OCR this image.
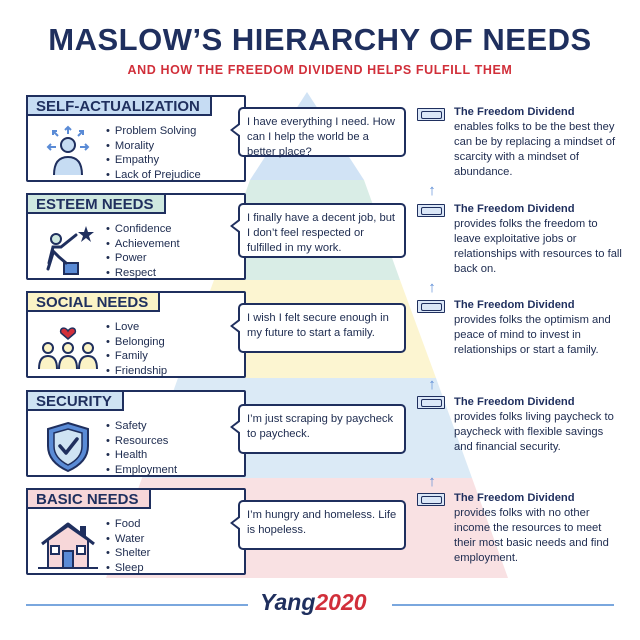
MASLOW’S HIERARCHY OF NEEDS
AND HOW THE FREEDOM DIVIDEND HELPS FULFILL THEM
SELF-ACTUALIZATION
• Problem Solving
• Morality
• Empathy
• Lack of Prejudice
I have everything I need. How can I help the world be a better place?
The Freedom Dividend
enables folks to be the best they can be by replacing a mindset of scarcity with a mindset of abundance.
↑
ESTEEM NEEDS
• Confidence
• Achievement
• Power
• Respect
I finally have a decent job, but I don’t feel respected or fulfilled in my work.
The Freedom Dividend
provides folks the freedom to leave exploitative jobs or relationships with resources to fall back on.
↑
SOCIAL NEEDS
• Love
• Belonging
• Family
• Friendship
I wish I felt secure enough in my future to start a family.
The Freedom Dividend
provides folks the optimism and peace of mind to invest in relationships or start a family.
↑
SECURITY
• Safety
• Resources
• Health
• Employment
I’m just scraping by paycheck to paycheck.
The Freedom Dividend
provides folks living paycheck to paycheck with flexible savings and financial security.
↑
BASIC NEEDS
• Food
• Water
• Shelter
• Sleep
I’m hungry and homeless. Life is hopeless.
The Freedom Dividend
provides folks with no other income the resources to meet their most basic needs and find employment.
Yang2020
